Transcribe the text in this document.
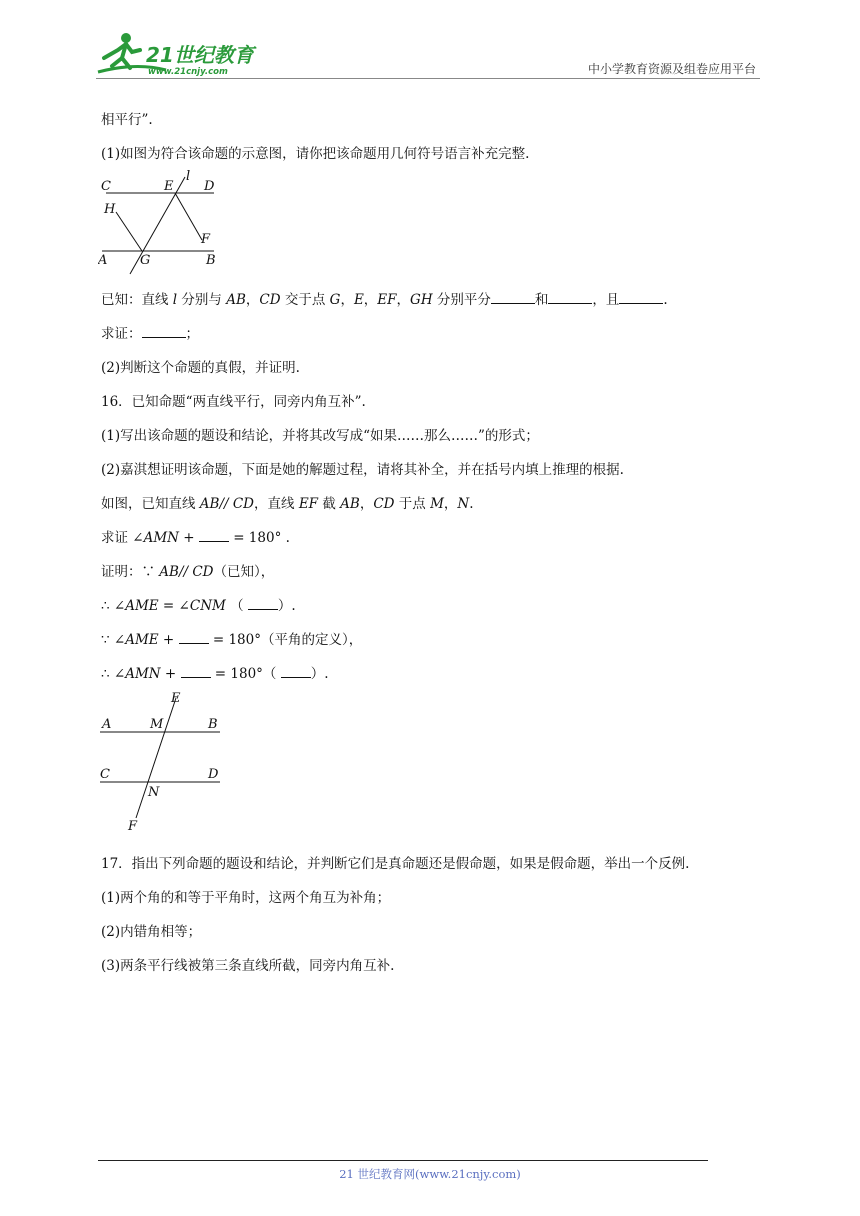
21世纪教育
www.21cnjy.com	中小学教育资源及组卷应用平台
相平行”.
(1)如图为符合该命题的示意图，请你把该命题用几何符号语言补充完整.
C	E
l
D
H
F
A	G	B
已知：直线 l 分别与 AB，CD 交于点 G，E，EF，GH 分别平分	和	，且	.
求证：	；
(2)判断这个命题的真假，并证明.
16．已知命题“两直线平行，同旁内角互补”.
(1)写出该命题的题设和结论，并将其改写成“如果……那么……”的形式；
(2)嘉淇想证明该命题，下面是她的解题过程，请将其补全，并在括号内填上推理的根据.
如图，已知直线 AB// CD，直线 EF 截 AB，CD 于点 M，N.
求证 ∠AMN +  = 180° .
证明：∵ AB// CD（已知），
∴ ∠AME = ∠CNM （ ）.
∵ ∠AME +  = 180°（平角的定义），
∴ ∠AMN +  = 180°（ ）.
E
A	M	B
C	D
N
F
17．指出下列命题的题设和结论，并判断它们是真命题还是假命题，如果是假命题，举出一个反例.
(1)两个角的和等于平角时，这两个角互为补角；
(2)内错角相等；
(3)两条平行线被第三条直线所截，同旁内角互补.
21 世纪教育网(www.21cnjy.com)
